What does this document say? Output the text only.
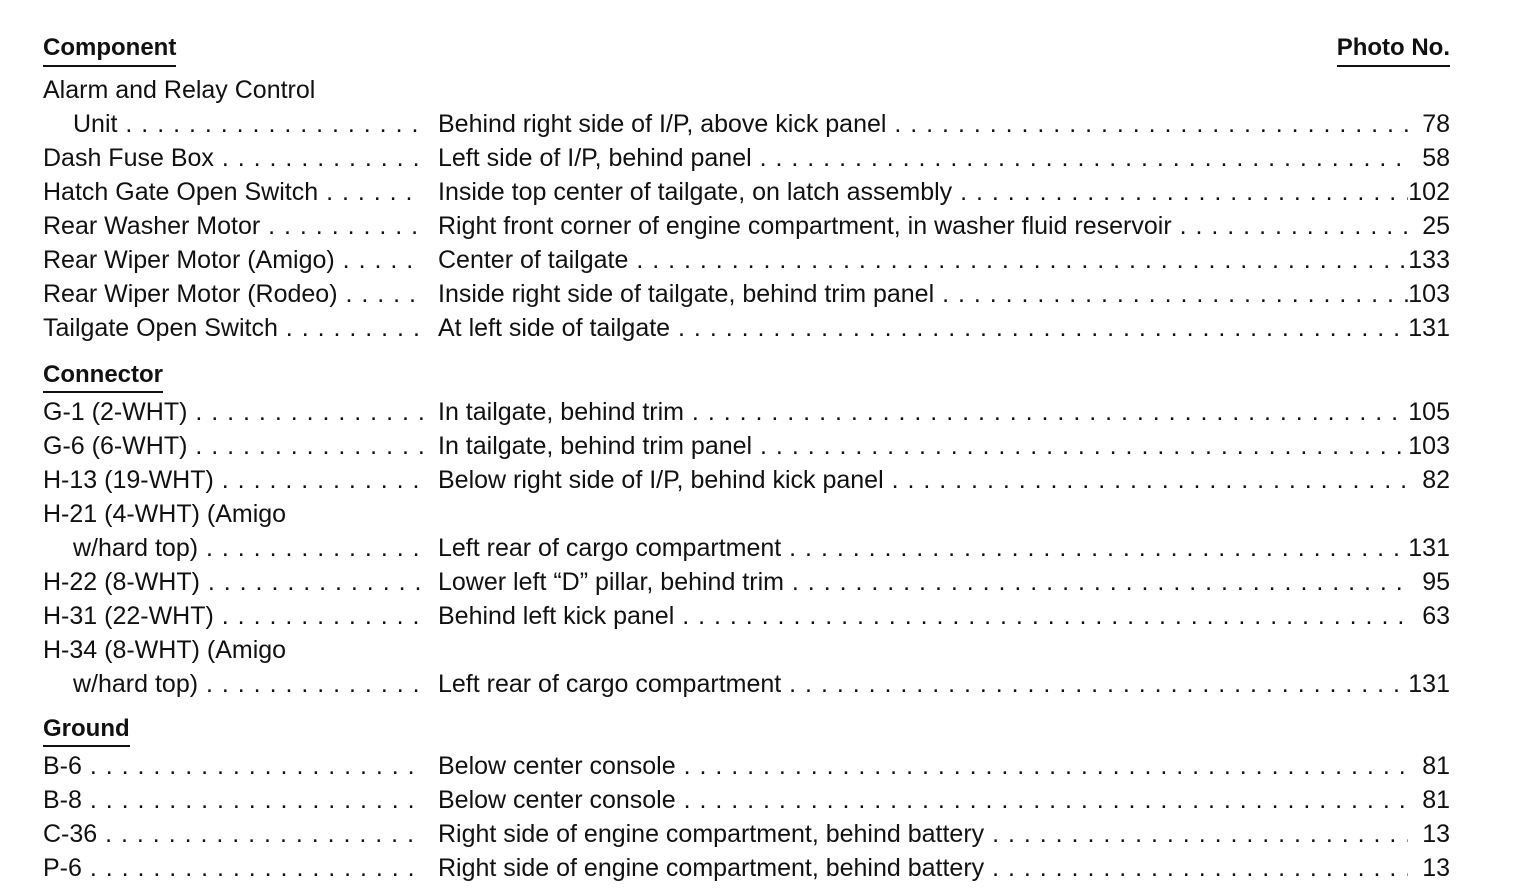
Component	Photo No.
Alarm and Relay Control
Unit . . .	Behind right side of I/P, above kick panel . . .	78
Dash Fuse Box . . .	Left side of I/P, behind panel . . .	58
Hatch Gate Open Switch . . .	Inside top center of tailgate, on latch assembly . . .	102
Rear Washer Motor . . .	Right front corner of engine compartment, in washer fluid reservoir . . .	25
Rear Wiper Motor (Amigo) . . .	Center of tailgate . . .	133
Rear Wiper Motor (Rodeo) . . .	Inside right side of tailgate, behind trim panel . . .	103
Tailgate Open Switch . . .	At left side of tailgate . . .	131
Connector
G-1 (2-WHT) . . .	In tailgate, behind trim . . .	105
G-6 (6-WHT) . . .	In tailgate, behind trim panel . . .	103
H-13 (19-WHT) . . .	Below right side of I/P, behind kick panel . . .	82
H-21 (4-WHT) (Amigo
w/hard top) . . .	Left rear of cargo compartment . . .	131
H-22 (8-WHT) . . .	Lower left “D” pillar, behind trim . . .	95
H-31 (22-WHT) . . .	Behind left kick panel . . .	63
H-34 (8-WHT) (Amigo
w/hard top) . . .	Left rear of cargo compartment . . .	131
Ground
B-6 . . .	Below center console . . .	81
B-8 . . .	Below center console . . .	81
C-36 . . .	Right side of engine compartment, behind battery . . .	13
P-6 . . .	Right side of engine compartment, behind battery . . .	13
